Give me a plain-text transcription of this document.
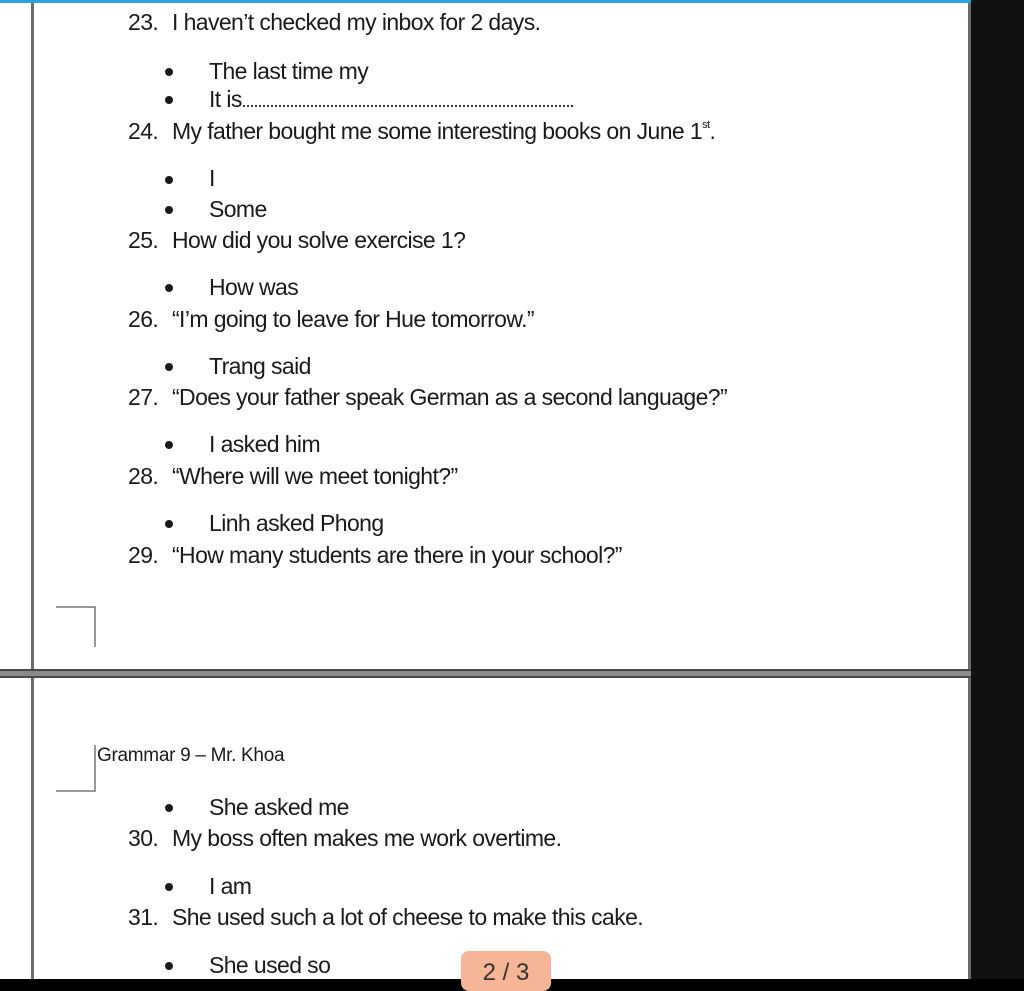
23. I haven’t checked my inbox for 2 days.
The last time my
It is
24. My father bought me some interesting books on June 1st.
I
Some
25. How did you solve exercise 1?
How was
26. “I’m going to leave for Hue tomorrow.”
Trang said
27. “Does your father speak German as a second language?”
I asked him
28. “Where will we meet tonight?”
Linh asked Phong
29. “How many students are there in your school?”
Grammar 9 – Mr. Khoa
She asked me
30. My boss often makes me work overtime.
I am
31. She used such a lot of cheese to make this cake.
She used so	2 / 3
